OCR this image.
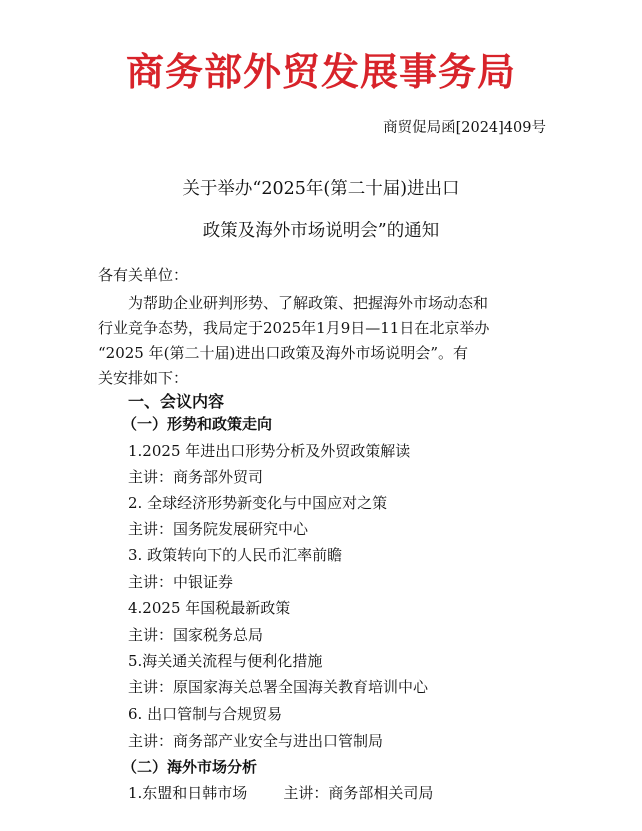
商务部外贸发展事务局
商贸促局函[2024]409号
关于举办“2025年(第二十届)进出口
政策及海外市场说明会”的通知
各有关单位：
为帮助企业研判形势、了解政策、把握海外市场动态和
行业竞争态势，我局定于2025年1月9日—11日在北京举办
“2025 年(第二十届)进出口政策及海外市场说明会”。有
关安排如下：
一、会议内容
（一）形势和政策走向
1.2025 年进出口形势分析及外贸政策解读
主讲：商务部外贸司
2. 全球经济形势新变化与中国应对之策
主讲：国务院发展研究中心
3. 政策转向下的人民币汇率前瞻
主讲：中银证券
4.2025 年国税最新政策
主讲：国家税务总局
5.海关通关流程与便利化措施
主讲：原国家海关总署全国海关教育培训中心
6. 出口管制与合规贸易
主讲：商务部产业安全与进出口管制局
（二）海外市场分析
1.东盟和日韩市场 主讲：商务部相关司局
